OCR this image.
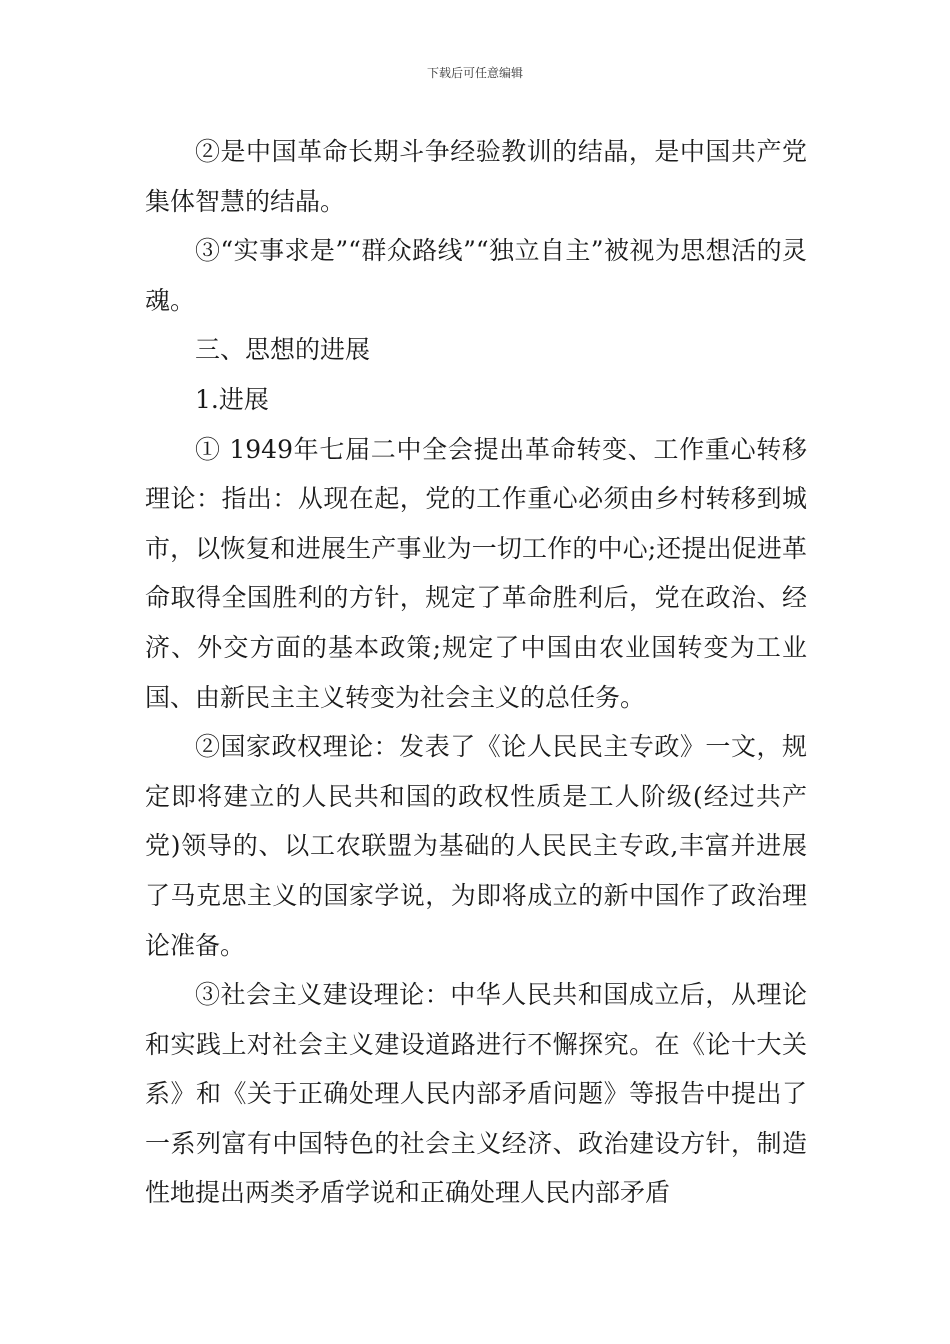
下载后可任意编辑

②是中国革命长期斗争经验教训的结晶，是中国共产党集体智慧的结晶。

③“实事求是”“群众路线”“独立自主”被视为思想活的灵魂。

三、思想的进展

1.进展

① 1949年七届二中全会提出革命转变、工作重心转移理论：指出：从现在起，党的工作重心必须由乡村转移到城市，以恢复和进展生产事业为一切工作的中心;还提出促进革命取得全国胜利的方针，规定了革命胜利后，党在政治、经济、外交方面的基本政策;规定了中国由农业国转变为工业国、由新民主主义转变为社会主义的总任务。

②国家政权理论：发表了《论人民民主专政》一文，规定即将建立的人民共和国的政权性质是工人阶级(经过共产党)领导的、以工农联盟为基础的人民民主专政,丰富并进展了马克思主义的国家学说，为即将成立的新中国作了政治理论准备。

③社会主义建设理论：中华人民共和国成立后，从理论和实践上对社会主义建设道路进行不懈探究。在《论十大关系》和《关于正确处理人民内部矛盾问题》等报告中提出了一系列富有中国特色的社会主义经济、政治建设方针，制造性地提出两类矛盾学说和正确处理人民内部矛盾
